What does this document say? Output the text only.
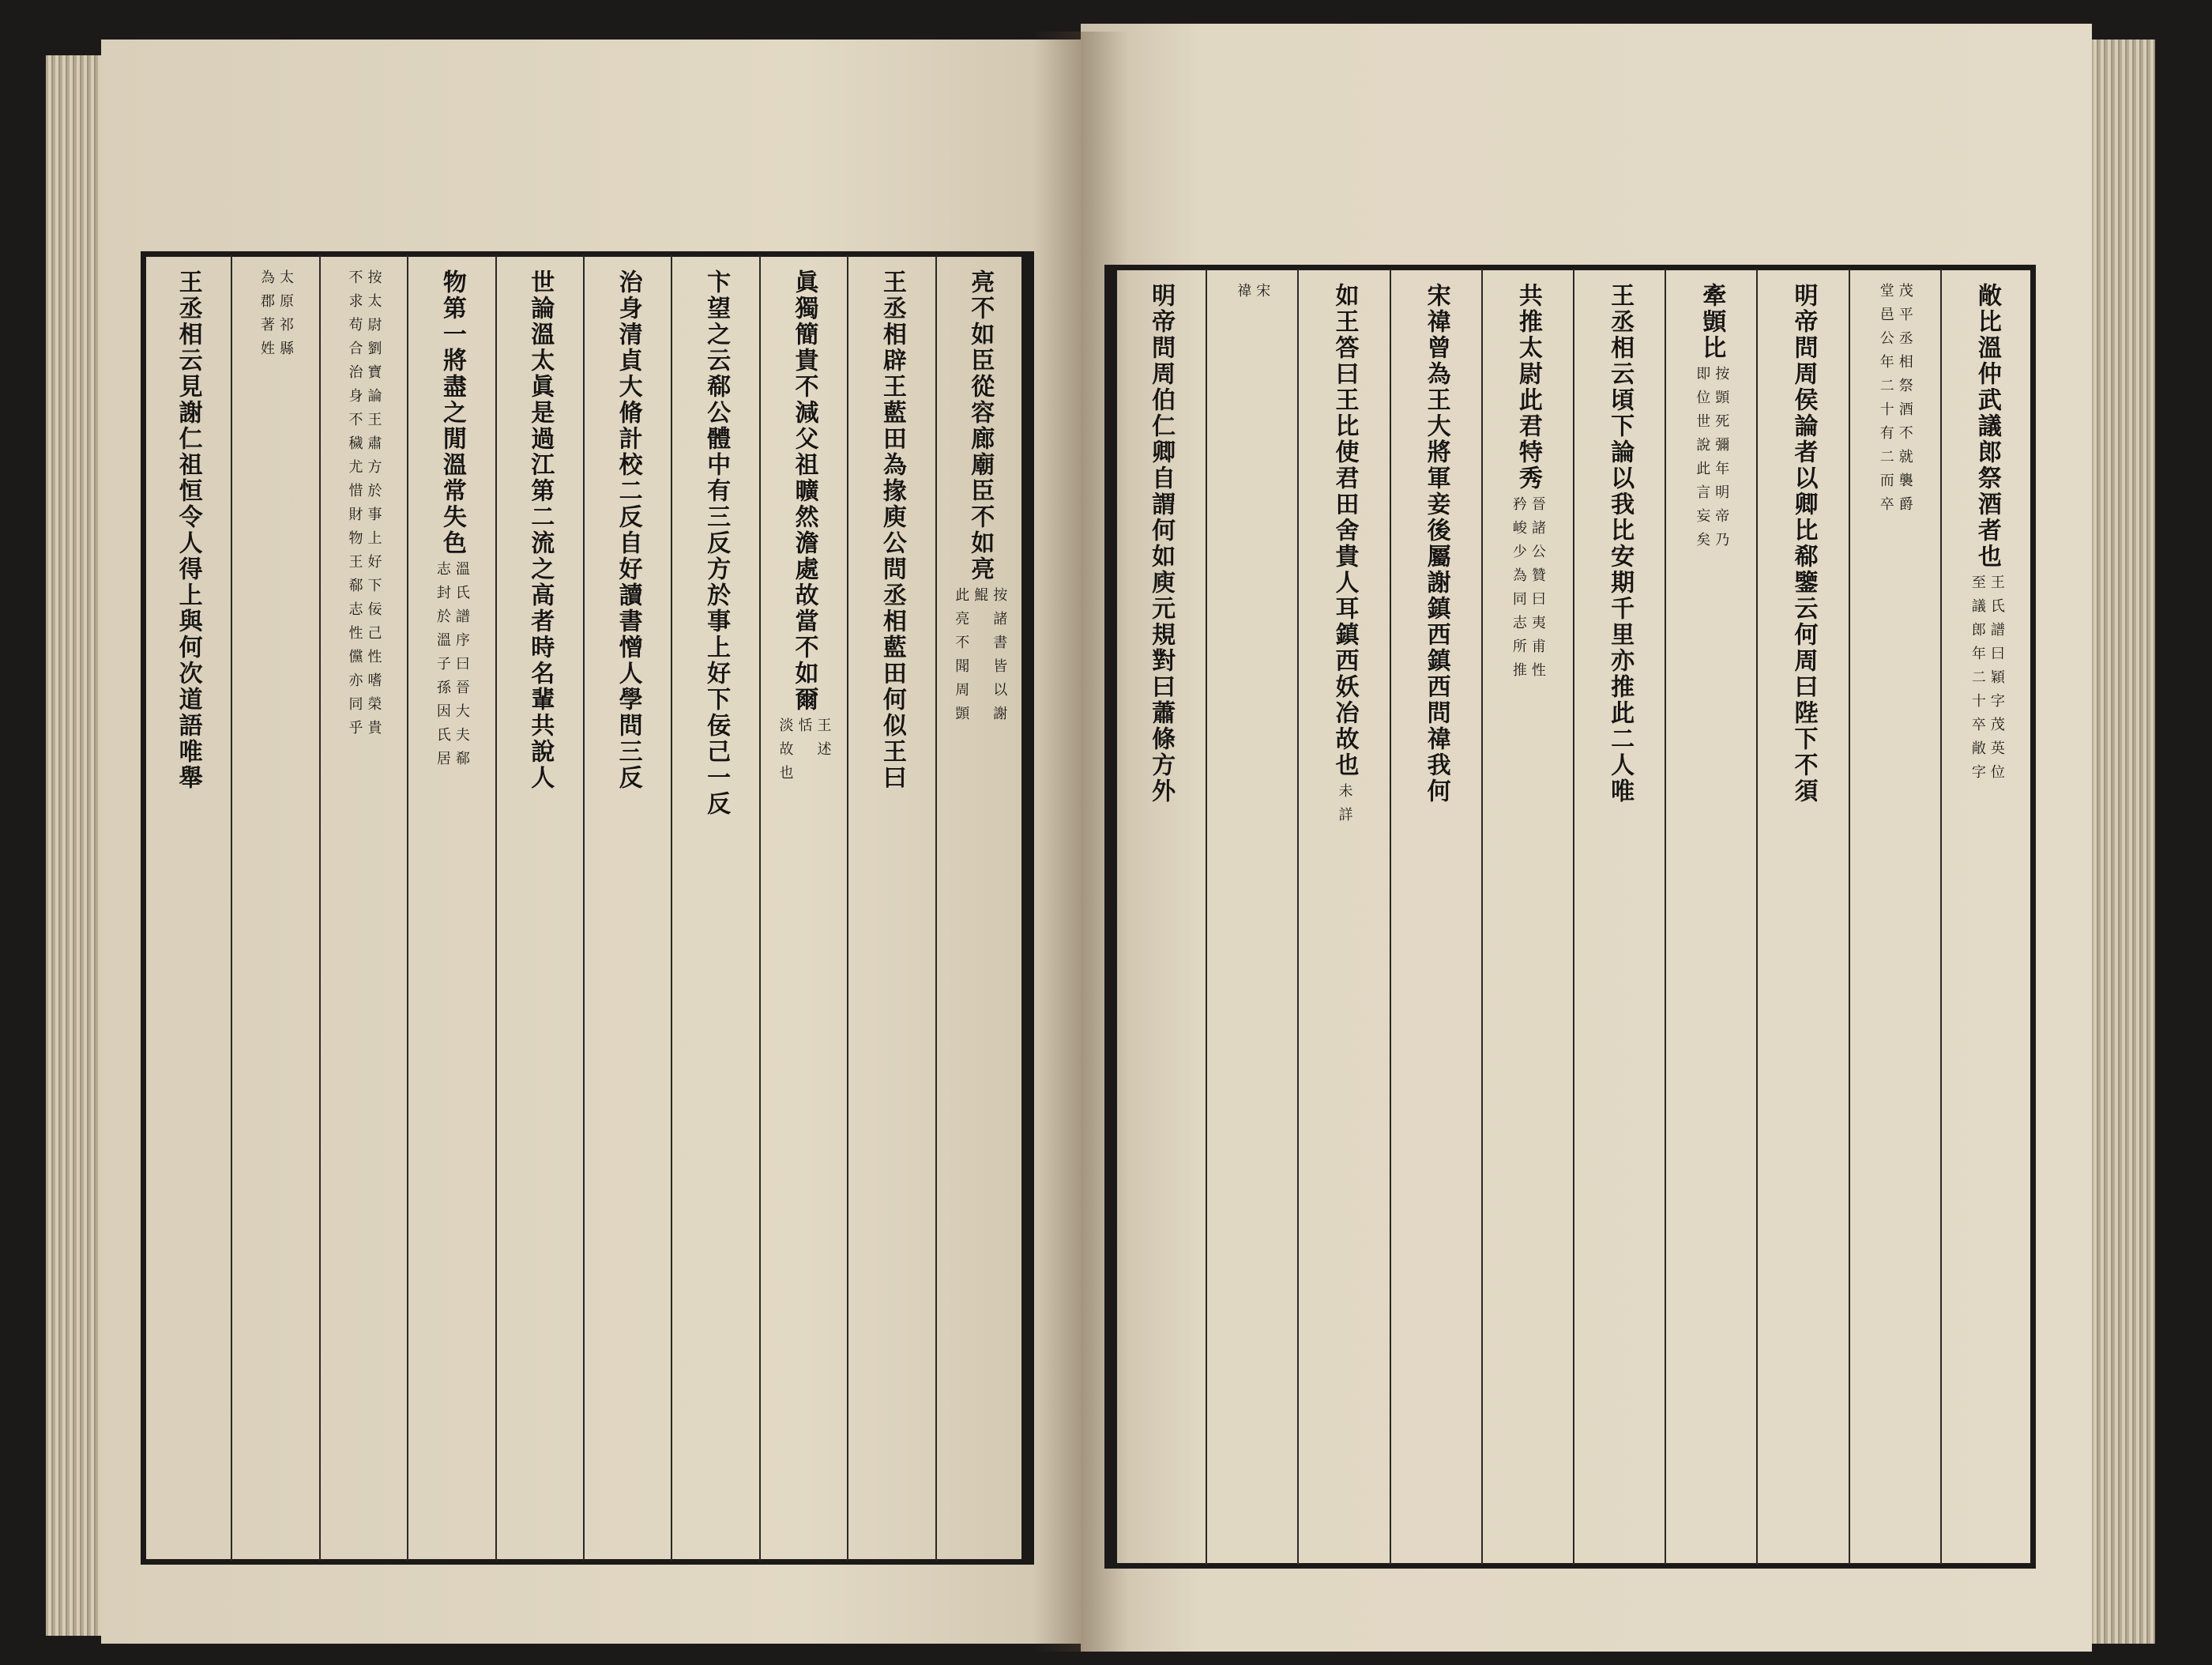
亮不如臣從容廊廟臣不如亮
按諸書皆以謝
鯤
此亮不聞周顗
王丞相辟王藍田為掾庾公問丞相藍田何似王曰
眞獨簡貴不減父祖曠然澹處故當不如爾
王述
恬
淡故也
卞望之云郗公體中有三反方於事上好下佞己一反
治身清貞大脩計校二反自好讀書憎人學問三反
世論溫太眞是過江第二流之高者時名輩共說人
物第一將盡之閒溫常失色
溫氏譜序曰晉大夫郗
志封於溫子孫因氏居
按太尉劉寶論王肅方於事上好下佞己性嗜榮貴
不求苟合治身不穢尤惜財物王郗志性儻亦同乎
太原祁縣
為郡著姓
王丞相云見謝仁祖恒令人得上與何次道語唯舉	敞比溫仲武議郎祭酒者也
王氏譜曰穎字茂英位
至議郎年二十卒敞字
茂平丞相祭酒不就襲爵
堂邑公年二十有二而卒
明帝問周侯論者以卿比郗鑒云何周曰陛下不須
牽顗比
按顗死彌年明帝乃
即位世說此言妄矣
王丞相云頃下論以我比安期千里亦推此二人唯
共推太尉此君特秀
晉諸公贊曰夷甫性
矜峻少為同志所推
宋禕曾為王大將軍妾後屬謝鎮西鎮西問禕我何
如王答曰王比使君田舍貴人耳鎮西妖冶故也
未詳
宋
禕
明帝問周伯仁卿自謂何如庾元規對曰蕭條方外
